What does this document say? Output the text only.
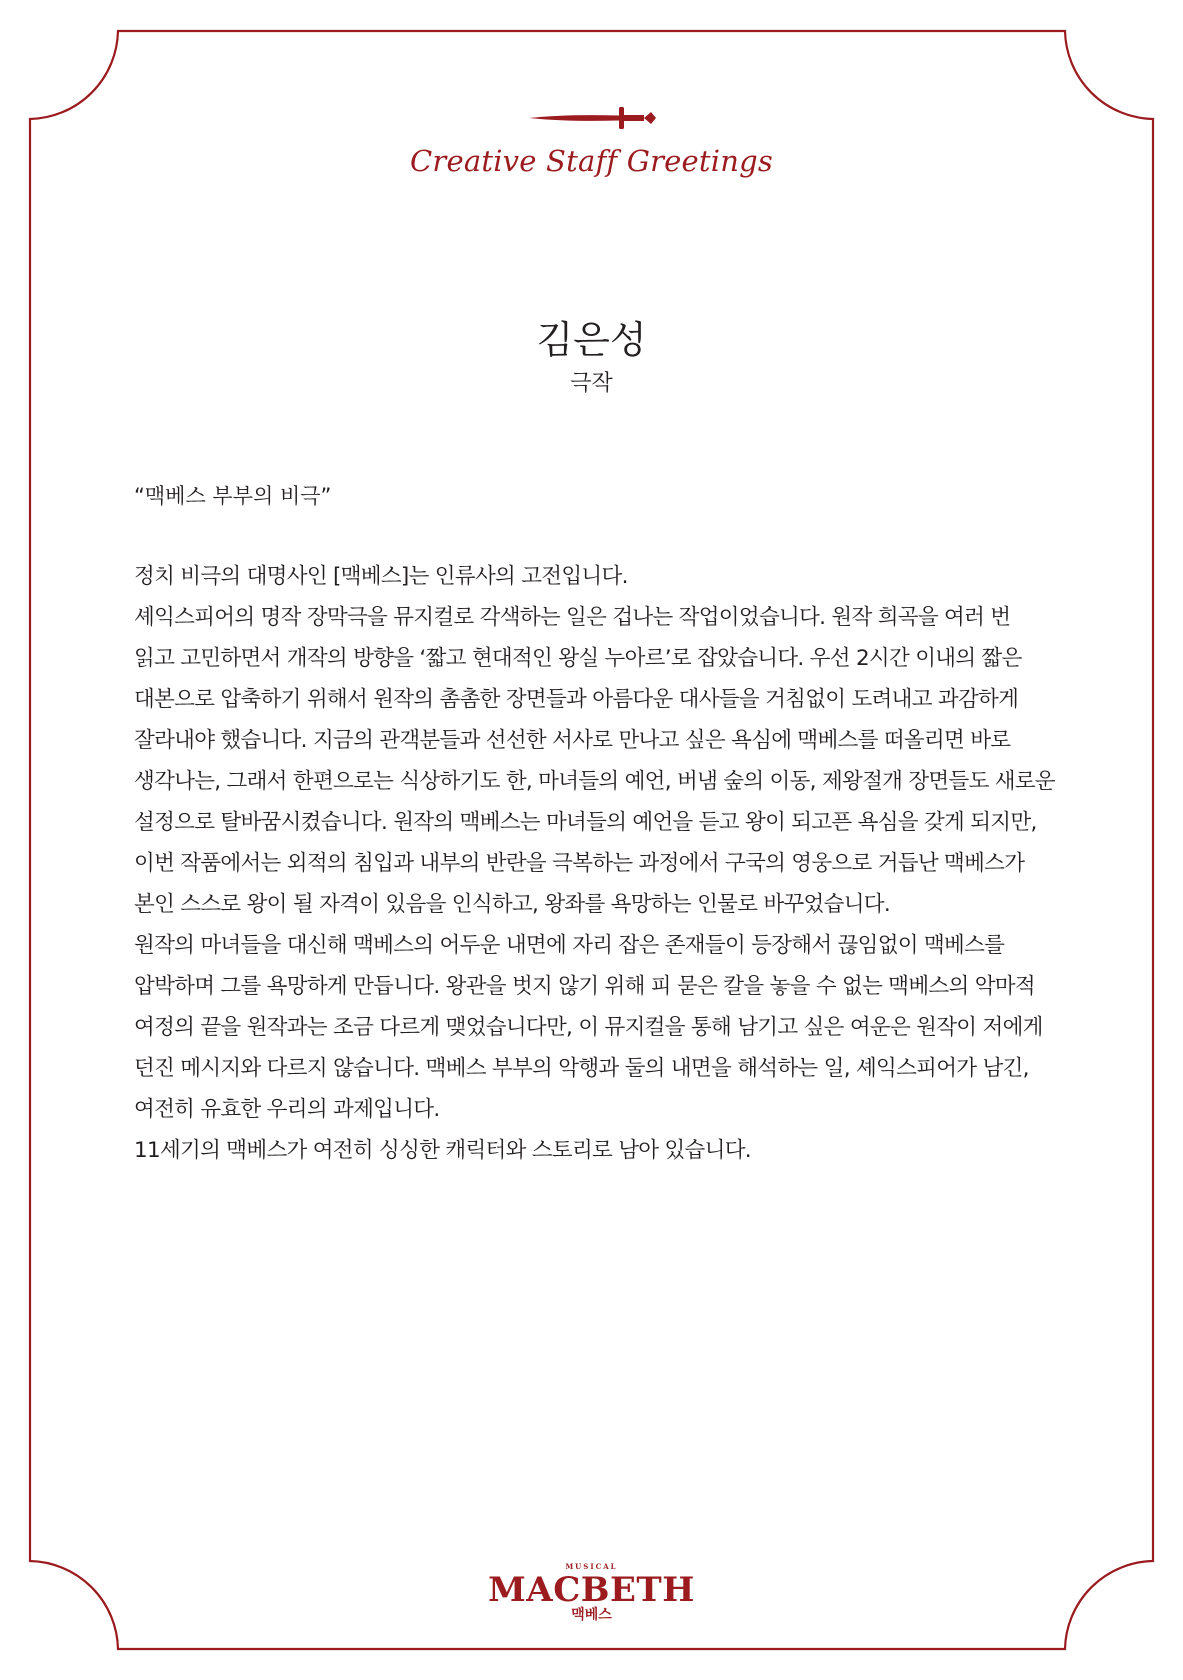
Creative Staff Greetings
김은성
극작
“맥베스 부부의 비극”

정치 비극의 대명사인 [맥베스]는 인류사의 고전입니다.

셰익스피어의 명작 장막극을 뮤지컬로 각색하는 일은 겁나는 작업이었습니다. 원작 희곡을 여러 번 읽고 고민하면서 개작의 방향을 ‘짧고 현대적인 왕실 누아르’로 잡았습니다. 우선 2시간 이내의 짧은 대본으로 압축하기 위해서 원작의 촘촘한 장면들과 아름다운 대사들을 거침없이 도려내고 과감하게 잘라내야 했습니다. 지금의 관객분들과 선선한 서사로 만나고 싶은 욕심에 맥베스를 떠올리면 바로 생각나는, 그래서 한편으로는 식상하기도 한, 마녀들의 예언, 버냄 숲의 이동, 제왕절개 장면들도 새로운 설정으로 탈바꿈시켰습니다. 원작의 맥베스는 마녀들의 예언을 듣고 왕이 되고픈 욕심을 갖게 되지만, 이번 작품에서는 외적의 침입과 내부의 반란을 극복하는 과정에서 구국의 영웅으로 거듭난 맥베스가 본인 스스로 왕이 될 자격이 있음을 인식하고, 왕좌를 욕망하는 인물로 바꾸었습니다.

원작의 마녀들을 대신해 맥베스의 어두운 내면에 자리 잡은 존재들이 등장해서 끊임없이 맥베스를 압박하며 그를 욕망하게 만듭니다. 왕관을 벗지 않기 위해 피 묻은 칼을 놓을 수 없는 맥베스의 악마적 여정의 끝을 원작과는 조금 다르게 맺었습니다만, 이 뮤지컬을 통해 남기고 싶은 여운은 원작이 저에게 던진 메시지와 다르지 않습니다. 맥베스 부부의 악행과 둘의 내면을 해석하는 일, 셰익스피어가 남긴, 여전히 유효한 우리의 과제입니다.

11세기의 맥베스가 여전히 싱싱한 캐릭터와 스토리로 남아 있습니다.

MUSICAL
MACBETH
맥베스
